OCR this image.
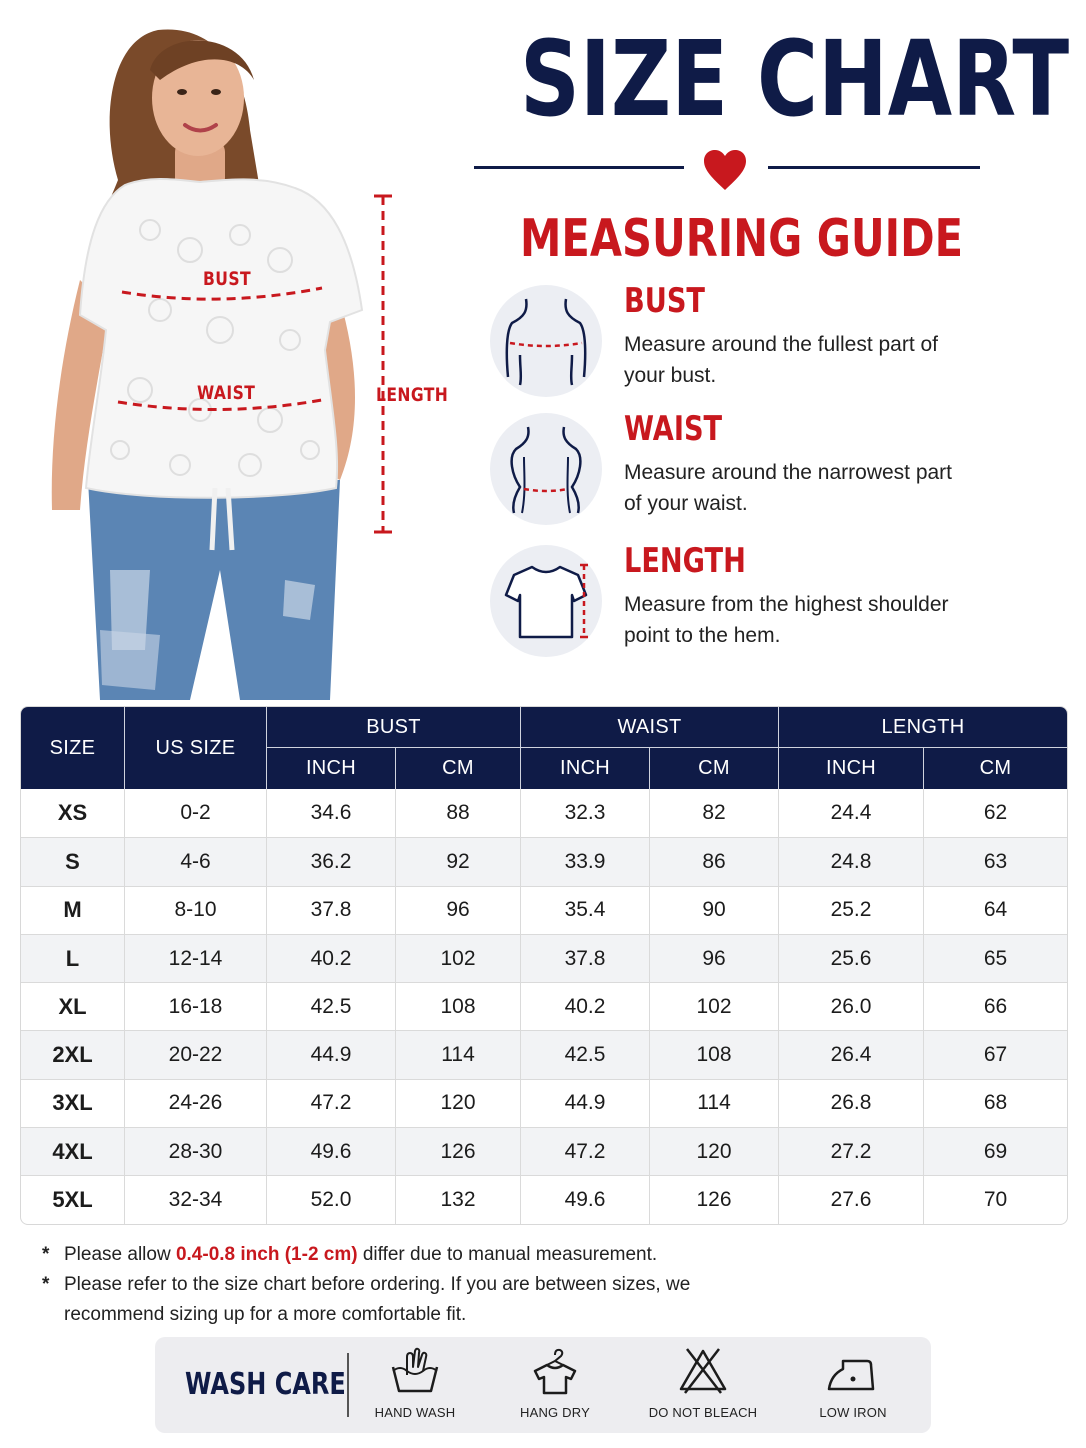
BUST
WAIST	LENGTH
SIZE CHART
MEASURING GUIDE
BUST
Measure around the fullest part of your bust.
WAIST
Measure around the narrowest part of your waist.
LENGTH
Measure from the highest shoulder point to the hem.
SIZE	US SIZE	BUST		WAIST		LENGTH	
		INCH	CM	INCH	CM	INCH	CM
XS	0-2	34.6	88	32.3	82	24.4	62
S	4-6	36.2	92	33.9	86	24.8	63
M	8-10	37.8	96	35.4	90	25.2	64
L	12-14	40.2	102	37.8	96	25.6	65
XL	16-18	42.5	108	40.2	102	26.0	66
2XL	20-22	44.9	114	42.5	108	26.4	67
3XL	24-26	47.2	120	44.9	114	26.8	68
4XL	28-30	49.6	126	47.2	120	27.2	69
5XL	32-34	52.0	132	49.6	126	27.6	70
* Please allow 0.4-0.8 inch (1-2 cm) differ due to manual measurement.
* Please refer to the size chart before ordering. If you are between sizes, we recommend sizing up for a more comfortable fit.
WASH CARE
HAND WASH	HANG DRY	DO NOT BLEACH	LOW IRON
